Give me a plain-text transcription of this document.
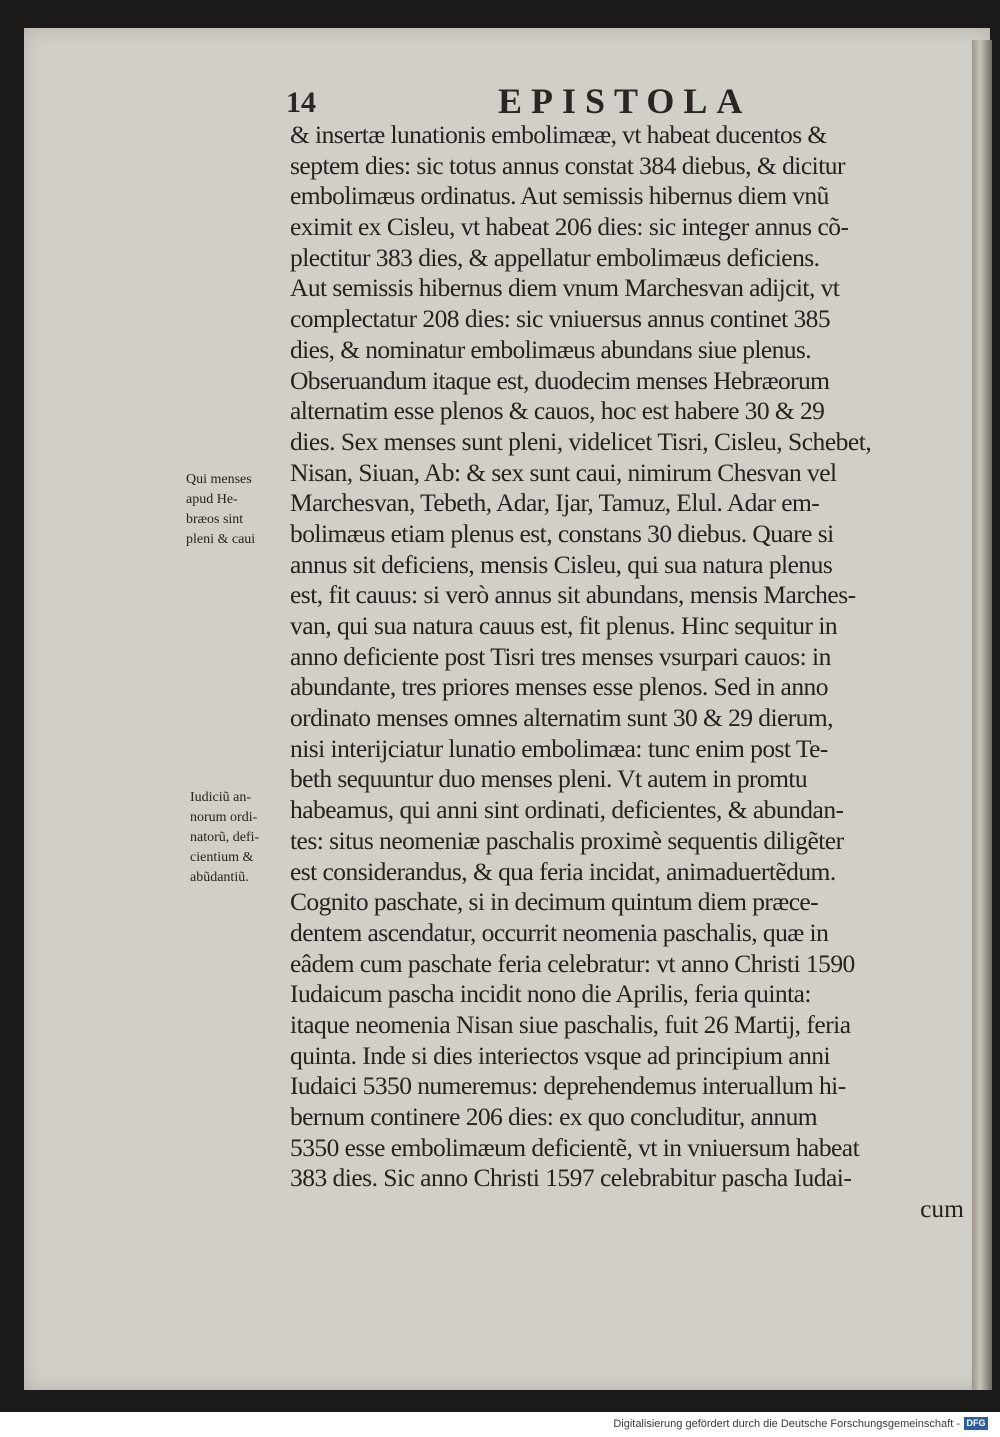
14	EPISTOLA
& insertæ lunationis embolimææ, vt habeat ducentos &
septem dies: sic totus annus constat 384 diebus, & dicitur
embolimæus ordinatus. Aut semissis hibernus diem vnũ
eximit ex Cisleu, vt habeat 206 dies: sic integer annus cõ-
plectitur 383 dies, & appellatur embolimæus deficiens.
Aut semissis hibernus diem vnum Marchesvan adijcit, vt
complectatur 208 dies: sic vniuersus annus continet 385
dies, & nominatur embolimæus abundans siue plenus.
Obseruandum itaque est, duodecim menses Hebræorum
alternatim esse plenos & cauos, hoc est habere 30 & 29
dies. Sex menses sunt pleni, videlicet Tisri, Cisleu, Schebet,
Nisan, Siuan, Ab: & sex sunt caui, nimirum Chesvan vel
Marchesvan, Tebeth, Adar, Ijar, Tamuz, Elul. Adar em-
bolimæus etiam plenus est, constans 30 diebus. Quare si
annus sit deficiens, mensis Cisleu, qui sua natura plenus
est, fit cauus: si verò annus sit abundans, mensis Marches-
van, qui sua natura cauus est, fit plenus. Hinc sequitur in
anno deficiente post Tisri tres menses vsurpari cauos: in
abundante, tres priores menses esse plenos. Sed in anno
ordinato menses omnes alternatim sunt 30 & 29 dierum,
nisi interijciatur lunatio embolimæa: tunc enim post Te-
beth sequuntur duo menses pleni. Vt autem in promtu
habeamus, qui anni sint ordinati, deficientes, & abundan-
tes: situs neomeniæ paschalis proximè sequentis diligẽter
est considerandus, & qua feria incidat, animaduertẽdum.
Cognito paschate, si in decimum quintum diem præce-
dentem ascendatur, occurrit neomenia paschalis, quæ in
eâdem cum paschate feria celebratur: vt anno Christi 1590
Iudaicum pascha incidit nono die Aprilis, feria quinta:
itaque neomenia Nisan siue paschalis, fuit 26 Martij, feria
quinta. Inde si dies interiectos vsque ad principium anni
Iudaici 5350 numeremus: deprehendemus interuallum hi-
bernum continere 206 dies: ex quo concluditur, annum
5350 esse embolimæum deficientẽ, vt in vniuersum habeat
383 dies. Sic anno Christi 1597 celebrabitur pascha Iudai-
cum
Qui menses
apud He-
bræos sint
pleni & caui
Iudiciũ an-
norum ordi-
natorũ, defi-
cientium &
abũdantiũ.
Digitalisierung gefördert durch die Deutsche Forschungsgemeinschaft - DFG
